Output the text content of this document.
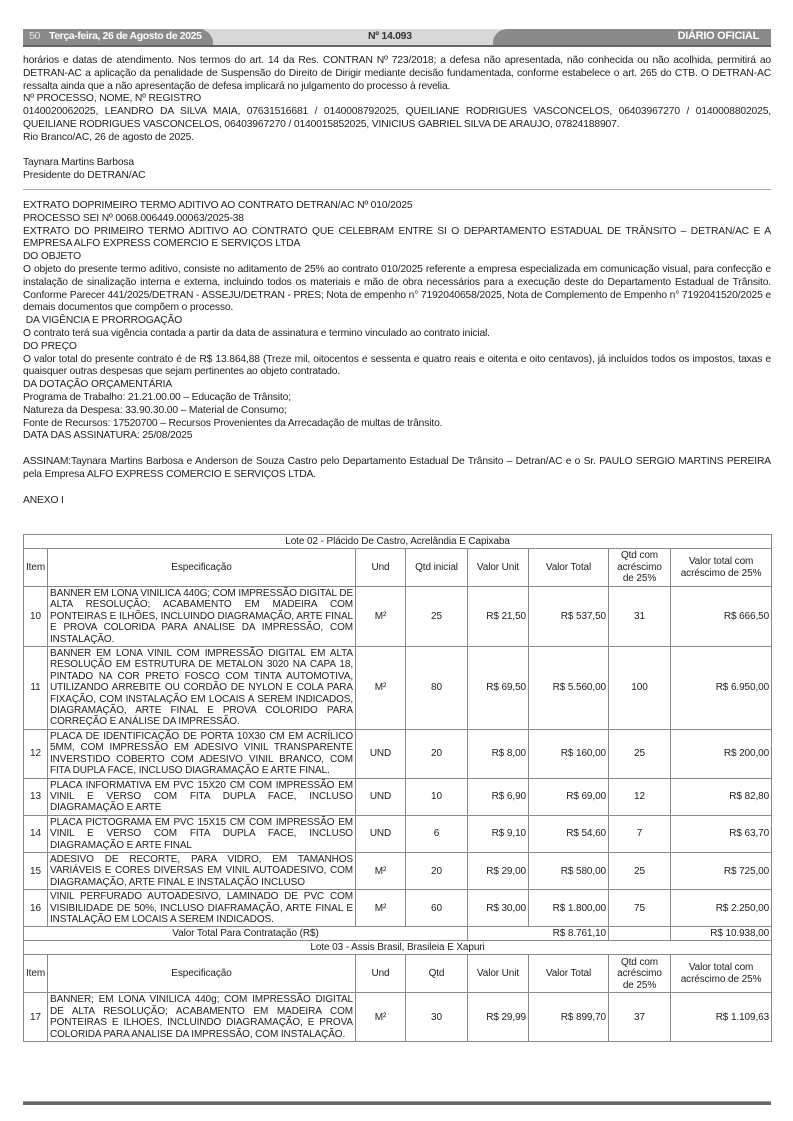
50 Terça-feira, 26 de Agosto de 2025	Nº 14.093	DIÁRIO OFICIAL

horários e datas de atendimento. Nos termos do art. 14 da Res. CONTRAN Nº 723/2018; a defesa não apresentada, não conhecida ou não acolhida, permitirá ao DETRAN-AC a aplicação da penalidade de Suspensão do Direito de Dirigir mediante decisão fundamentada, conforme estabelece o art. 265 do CTB. O DETRAN-AC ressalta ainda que a não apresentação de defesa implicará no julgamento do processo à revelia.

Nº PROCESSO, NOME, Nº REGISTRO

0140020062025, LEANDRO DA SILVA MAIA, 07631516681 / 0140008792025, QUEILIANE RODRIGUES VASCONCELOS, 06403967270 / 0140008802025, QUEILIANE RODRIGUES VASCONCELOS, 06403967270 / 0140015852025, VINICIUS GABRIEL SILVA DE ARAUJO, 07824188907.

Rio Branco/AC, 26 de agosto de 2025.

Taynara Martins Barbosa

Presidente do DETRAN/AC

EXTRATO DOPRIMEIRO TERMO ADITIVO AO CONTRATO DETRAN/AC Nº 010/2025

PROCESSO SEI Nº 0068.006449.00063/2025-38

EXTRATO DO PRIMEIRO TERMO ADITIVO AO CONTRATO QUE CELEBRAM ENTRE SI O DEPARTAMENTO ESTADUAL DE TRÂNSITO – DETRAN/AC E A EMPRESA ALFO EXPRESS COMERCIO E SERVIÇOS LTDA

DO OBJETO

O objeto do presente termo aditivo, consiste no aditamento de 25% ao contrato 010/2025 referente a empresa especializada em comunicação visual, para confecção e instalação de sinalização interna e externa, incluindo todos os materiais e mão de obra necessários para a execução deste do Departamento Estadual de Trânsito. Conforme Parecer 441/2025/DETRAN - ASSEJU/DETRAN - PRES; Nota de empenho n° 7192040658/2025, Nota de Complemento de Empenho n° 7192041520/2025 e demais documentos que compõem o processo.

DA VIGÊNCIA E PRORROGAÇÃO

O contrato terá sua vigência contada a partir da data de assinatura e termino vinculado ao contrato inicial.

DO PREÇO

O valor total do presente contrato é de R$ 13.864,88 (Treze mil, oitocentos e sessenta e quatro reais e oitenta e oito centavos), já incluídos todos os impostos, taxas e quaisquer outras despesas que sejam pertinentes ao objeto contratado.

DA DOTAÇÃO ORÇAMENTÁRIA

Programa de Trabalho: 21.21.00.00 – Educação de Trânsito;

Natureza da Despesa: 33.90.30.00 – Material de Consumo;

Fonte de Recursos: 17520700 – Recursos Provenientes da Arrecadação de multas de trânsito.

DATA DAS ASSINATURA: 25/08/2025

ASSINAM:Taynara Martins Barbosa e Anderson de Souza Castro pelo Departamento Estadual De Trânsito – Detran/AC e o Sr. PAULO SERGIO MARTINS PEREIRA pela Empresa ALFO EXPRESS COMERCIO E SERVIÇOS LTDA.

ANEXO I

Lote 02 - Plácido De Castro, Acrelândia E Capixaba							
Item	Especificação	Und	Qtd inicial	Valor Unit	Valor Total	Qtd com acréscimo de 25%	Valor total com acréscimo de 25%
10	BANNER EM LONA VINILICA 440G; COM IMPRESSÃO DIGITAL DE ALTA RESOLUÇÃO; ACABAMENTO EM MADEIRA COM PONTEIRAS E ILHÕES, INCLUINDO DIAGRAMAÇÃO, ARTE FINAL E PROVA COLORIDA PARA ANALISE DA IMPRESSÃO, COM INSTALAÇÃO.	M²	25	R$ 21,50	R$ 537,50	31	R$ 666,50
11	BANNER EM LONA VINIL COM IMPRESSÃO DIGITAL EM ALTA RESOLUÇÃO EM ESTRUTURA DE METALON 3020 NA CAPA 18, PINTADO NA COR PRETO FOSCO COM TINTA AUTOMOTIVA, UTILIZANDO ARREBITE OU CORDÃO DE NYLON E COLA PARA FIXAÇÃO, COM INSTALAÇÃO EM LOCAIS A SEREM INDICADOS, DIAGRAMAÇÃO, ARTE FINAL E PROVA COLORIDO PARA CORREÇÃO E ANÁLISE DA IMPRESSÃO.	M²	80	R$ 69,50	R$ 5.560,00	100	R$ 6.950,00
12	PLACA DE IDENTIFICAÇÃO DE PORTA 10X30 CM EM ACRÍLICO 5MM, COM IMPRESSÃO EM ADESIVO VINIL TRANSPARENTE INVERSTIDO COBERTO COM ADESIVO VINIL BRANCO, COM FITA DUPLA FACE, INCLUSO DIAGRAMAÇÃO E ARTE FINAL.	UND	20	R$ 8,00	R$ 160,00	25	R$ 200,00
13	PLACA INFORMATIVA EM PVC 15X20 CM COM IMPRESSÃO EM VINIL E VERSO COM FITA DUPLA FACE, INCLUSO DIAGRAMAÇÃO E ARTE	UND	10	R$ 6,90	R$ 69,00	12	R$ 82,80
14	PLACA PICTOGRAMA EM PVC 15X15 CM COM IMPRESSÃO EM VINIL E VERSO COM FITA DUPLA FACE, INCLUSO DIAGRAMAÇÃO E ARTE FINAL	UND	6	R$ 9,10	R$ 54,60	7	R$ 63,70
15	ADESIVO DE RECORTE, PARA VIDRO, EM TAMANHOS VARIÁVEIS E CORES DIVERSAS EM VINIL AUTOADESIVO, COM DIAGRAMAÇÃO, ARTE FINAL E INSTALAÇÃO INCLUSO	M²	20	R$ 29,00	R$ 580,00	25	R$ 725,00
16	VINIL PERFURADO AUTOADESIVO, LAMINADO DE PVC COM VISIBILIDADE DE 50%, INCLUSO DIAFRAMAÇÃO, ARTE FINAL E INSTALAÇÃO EM LOCAIS A SEREM INDICADOS.	M²	60	R$ 30,00	R$ 1.800,00	75	R$ 2.250,00
Valor Total Para Contratação (R$)				R$ 8.761,10			R$ 10.938,00
Lote 03 - Assis Brasil, Brasileia E Xapuri							
Item	Especificação	Und	Qtd	Valor Unit	Valor Total	Qtd com acréscimo de 25%	Valor total com acréscimo de 25%
17	BANNER; EM LONA VINILICA 440g; COM IMPRESSÃO DIGITAL DE ALTA RESOLUÇÃO; ACABAMENTO EM MADEIRA COM PONTEIRAS E ILHOES, INCLUINDO DIAGRAMAÇÃO, E PROVA COLORIDA PARA ANALISE DA IMPRESSÃO, COM INSTALAÇÃO.	M²	30	R$ 29,99	R$ 899,70	37	R$ 1.109,63
